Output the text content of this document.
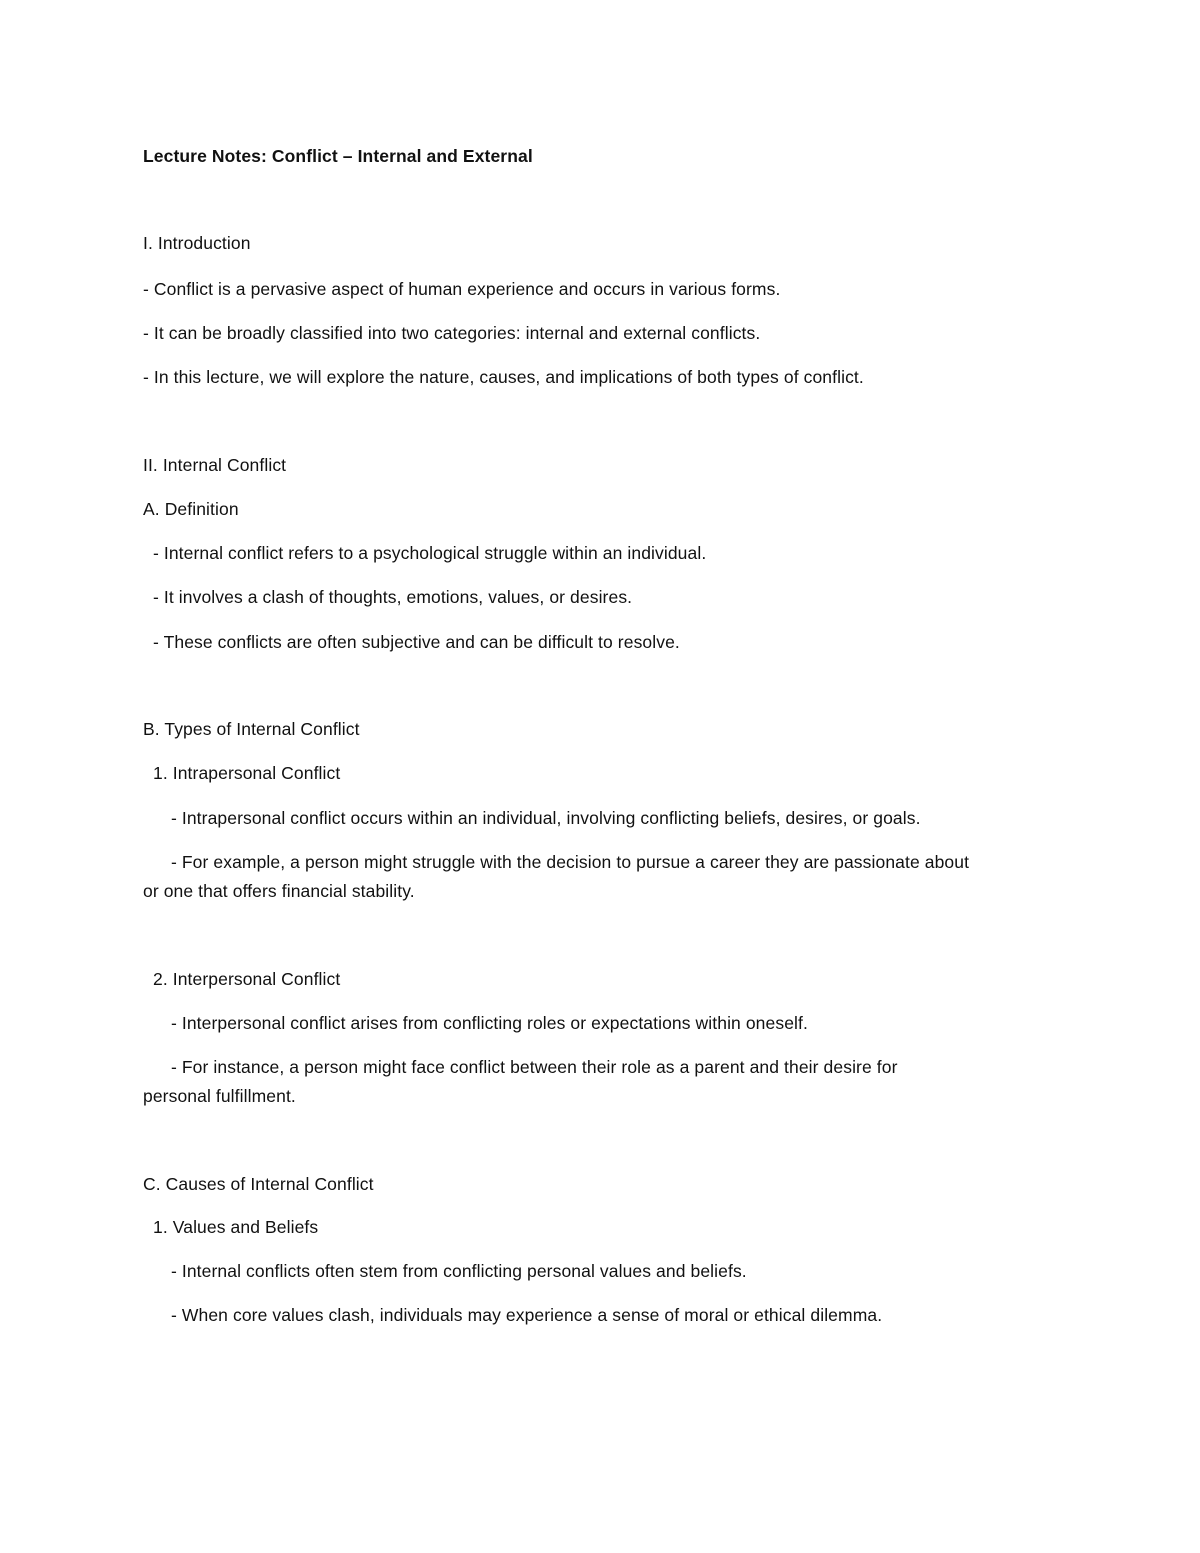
Lecture Notes: Conflict – Internal and External
I. Introduction
- Conflict is a pervasive aspect of human experience and occurs in various forms.
- It can be broadly classified into two categories: internal and external conflicts.
- In this lecture, we will explore the nature, causes, and implications of both types of conflict.
II. Internal Conflict
A. Definition
- Internal conflict refers to a psychological struggle within an individual.
- It involves a clash of thoughts, emotions, values, or desires.
- These conflicts are often subjective and can be difficult to resolve.
B. Types of Internal Conflict
1. Intrapersonal Conflict
- Intrapersonal conflict occurs within an individual, involving conflicting beliefs, desires, or goals.
- For example, a person might struggle with the decision to pursue a career they are passionate about
or one that offers financial stability.
2. Interpersonal Conflict
- Interpersonal conflict arises from conflicting roles or expectations within oneself.
- For instance, a person might face conflict between their role as a parent and their desire for
personal fulfillment.
C. Causes of Internal Conflict
1. Values and Beliefs
- Internal conflicts often stem from conflicting personal values and beliefs.
- When core values clash, individuals may experience a sense of moral or ethical dilemma.
